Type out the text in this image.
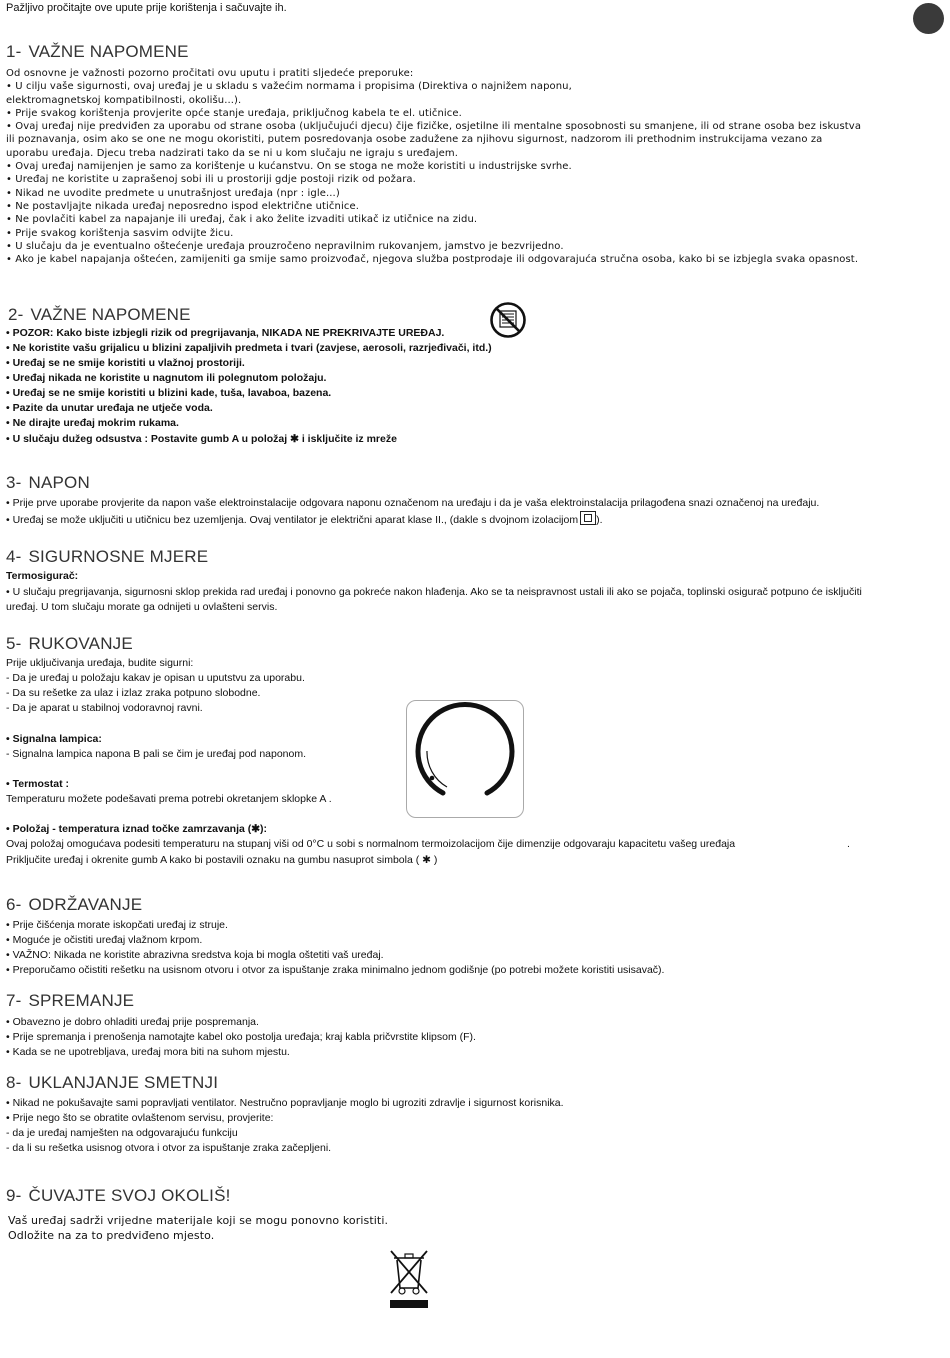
Pažljivo pročitajte ove upute prije korištenja i sačuvajte ih.
1- VAŽNE NAPOMENE
Od osnovne je važnosti pozorno pročitati ovu uputu i pratiti sljedeće preporuke:
• U cilju vaše sigurnosti, ovaj uređaj je u skladu s važećim normama i propisima (Direktiva o najnižem naponu,
elektromagnetskoj kompatibilnosti, okolišu...).
• Prije svakog korištenja provjerite opće stanje uređaja, priključnog kabela te el. utičnice.
• Ovaj uređaj nije predviđen za uporabu od strane osoba (uključujući djecu) čije fizičke, osjetilne ili mentalne sposobnosti su smanjene, ili od strane osoba bez iskustva
ili poznavanja, osim ako se one ne mogu okoristiti, putem posredovanja osobe zadužene za njihovu sigurnost, nadzorom ili prethodnim instrukcijama vezano za
uporabu uređaja. Djecu treba nadzirati tako da se ni u kom slučaju ne igraju s uređajem.
• Ovaj uređaj namijenjen je samo za korištenje u kućanstvu. On se stoga ne može koristiti u industrijske svrhe.
• Uređaj ne koristite u zaprašenoj sobi ili u prostoriji gdje postoji rizik od požara.
• Nikad ne uvodite predmete u unutrašnjost uređaja (npr : igle...)
• Ne postavljajte nikada uređaj neposredno ispod električne utičnice.
• Ne povlačiti kabel za napajanje ili uređaj, čak i ako želite izvaditi utikač iz utičnice na zidu.
• Prije svakog korištenja sasvim odvijte žicu.
• U slučaju da je eventualno oštećenje uređaja prouzročeno nepravilnim rukovanjem, jamstvo je bezvrijedno.
• Ako je kabel napajanja oštećen, zamijeniti ga smije samo proizvođač, njegova služba postprodaje ili odgovarajuća stručna osoba, kako bi se izbjegla svaka opasnost.
2- VAŽNE NAPOMENE
• POZOR: Kako biste izbjegli rizik od pregrijavanja, NIKADA NE PREKRIVAJTE UREĐAJ.
• Ne koristite vašu grijalicu u blizini zapaljivih predmeta i tvari (zavjese, aerosoli, razrjeđivači, itd.)
• Uređaj se ne smije koristiti u vlažnoj prostoriji.
• Uređaj nikada ne koristite u nagnutom ili polegnutom položaju.
• Uređaj se ne smije koristiti u blizini kade, tuša, lavaboa, bazena.
• Pazite da unutar uređaja ne utječe voda.
• Ne dirajte uređaj mokrim rukama.
• U slučaju dužeg odsustva : Postavite gumb A u položaj ✱ i isključite iz mreže
3- NAPON
• Prije prve uporabe provjerite da napon vaše elektroinstalacije odgovara naponu označenom na uređaju i da je vaša elektroinstalacija prilagođena snazi označenoj na uređaju.
• Uređaj se može uključiti u utičnicu bez uzemljenja. Ovaj ventilator je električni aparat klase II., (dakle s dvojnom izolacijom ).
4- SIGURNOSNE MJERE
Termosigurač:
• U slučaju pregrijavanja, sigurnosni sklop prekida rad uređaj i ponovno ga pokreće nakon hlađenja. Ako se ta neispravnost ustali ili ako se pojača, toplinski osigurač potpuno će isključiti
uređaj. U tom slučaju morate ga odnijeti u ovlašteni servis.
5- RUKOVANJE
Prije uključivanja uređaja, budite sigurni:
- Da je uređaj u položaju kakav je opisan u uputstvu za uporabu.
- Da su rešetke za ulaz i izlaz zraka potpuno slobodne.
- Da je aparat u stabilnoj vodoravnoj ravni.
• Signalna lampica:
- Signalna lampica napona B pali se čim je uređaj pod naponom.
• Termostat :
Temperaturu možete podešavati prema potrebi okretanjem sklopke A .
• Položaj - temperatura iznad točke zamrzavanja (✱):
Ovaj položaj omogućava podesiti temperaturu na stupanj viši od 0°C u sobi s normalnom termoizolacijom čije dimenzije odgovaraju kapacitetu vašeg uređaja	.
Priključite uređaj i okrenite gumb A kako bi postavili oznaku na gumbu nasuprot simbola ( ✱ )
6- ODRŽAVANJE
• Prije čišćenja morate iskopčati uređaj iz struje.
• Moguće je očistiti uređaj vlažnom krpom.
• VAŽNO: Nikada ne koristite abrazivna sredstva koja bi mogla oštetiti vaš uređaj.
• Preporučamo očistiti rešetku na usisnom otvoru i otvor za ispuštanje zraka minimalno jednom godišnje (po potrebi možete koristiti usisavač).
7- SPREMANJE
• Obavezno je dobro ohladiti uređaj prije pospremanja.
• Prije spremanja i prenošenja namotajte kabel oko postolja uređaja; kraj kabla pričvrstite klipsom (F).
• Kada se ne upotrebljava, uređaj mora biti na suhom mjestu.
8- UKLANJANJE SMETNJI
• Nikad ne pokušavajte sami popravljati ventilator. Nestručno popravljanje moglo bi ugroziti zdravlje i sigurnost korisnika.
• Prije nego što se obratite ovlaštenom servisu, provjerite:
- da je uređaj namješten na odgovarajuću funkciju
- da li su rešetka usisnog otvora i otvor za ispuštanje zraka začepljeni.
9- ČUVAJTE SVOJ OKOLIŠ!
Vaš uređaj sadrži vrijedne materijale koji se mogu ponovno koristiti.
Odložite na za to predviđeno mjesto.
